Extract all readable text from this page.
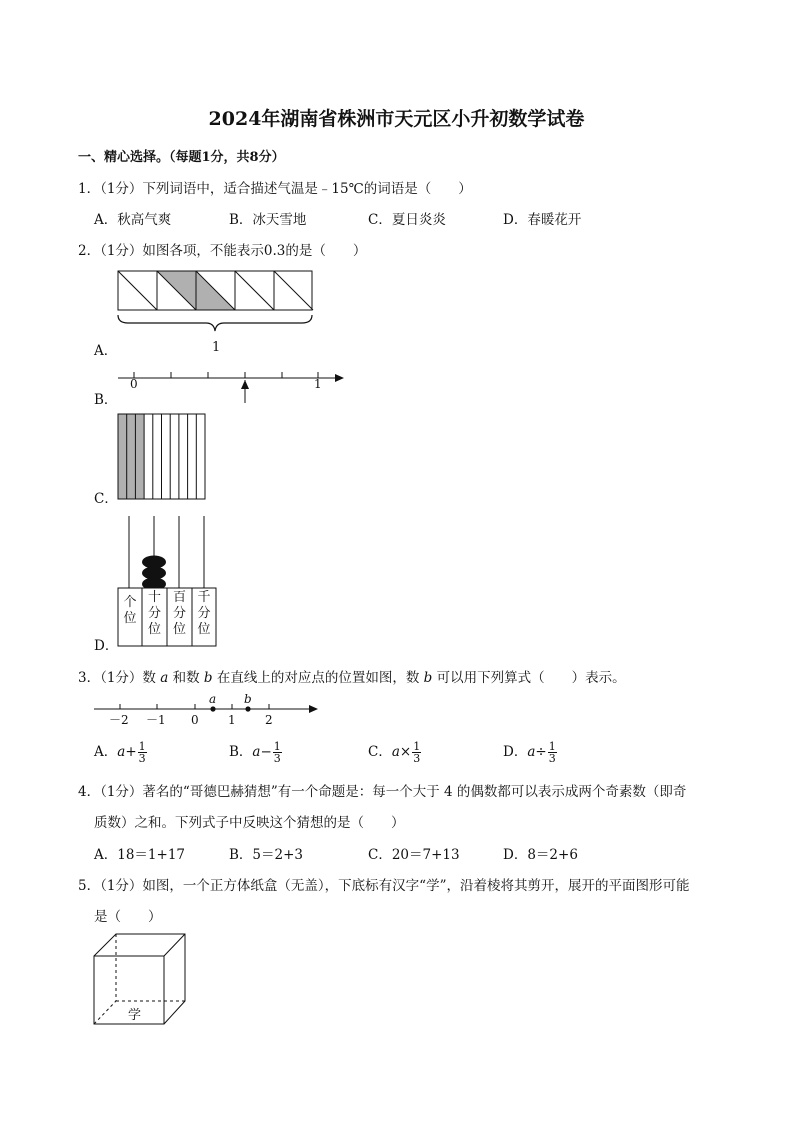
2024年湖南省株洲市天元区小升初数学试卷
一、精心选择。（每题1分，共8分）
1．（1分）下列词语中，适合描述气温是﹣15℃的词语是（　　）
A．秋高气爽	B．冰天雪地	C．夏日炎炎	D．春暖花开
2．（1分）如图各项，不能表示0.3的是（　　）
1
A．
0	1
B．
C．
个
位
十
分
位
百
分
位
千
分
位
D．
3．（1分）数 a 和数 b 在直线上的对应点的位置如图，数 b 可以用下列算式（　　）表示。
a b
－2 －1 0 1 2
A．$a+ \frac{1}{3}$	B．$a- \frac{1}{3}$	C．$a\times \frac{1}{3}$	D．$a\div \frac{1}{3}$
4．（1分）著名的“哥德巴赫猜想”有一个命题是：每一个大于 4 的偶数都可以表示成两个奇素数（即奇
质数）之和。下列式子中反映这个猜想的是（　　）
A．18＝1+17	B．5＝2+3	C．20＝7+13	D．8＝2+6
5．（1分）如图，一个正方体纸盒（无盖），下底标有汉字“学”，沿着棱将其剪开，展开的平面图形可能
是（　　）
学
